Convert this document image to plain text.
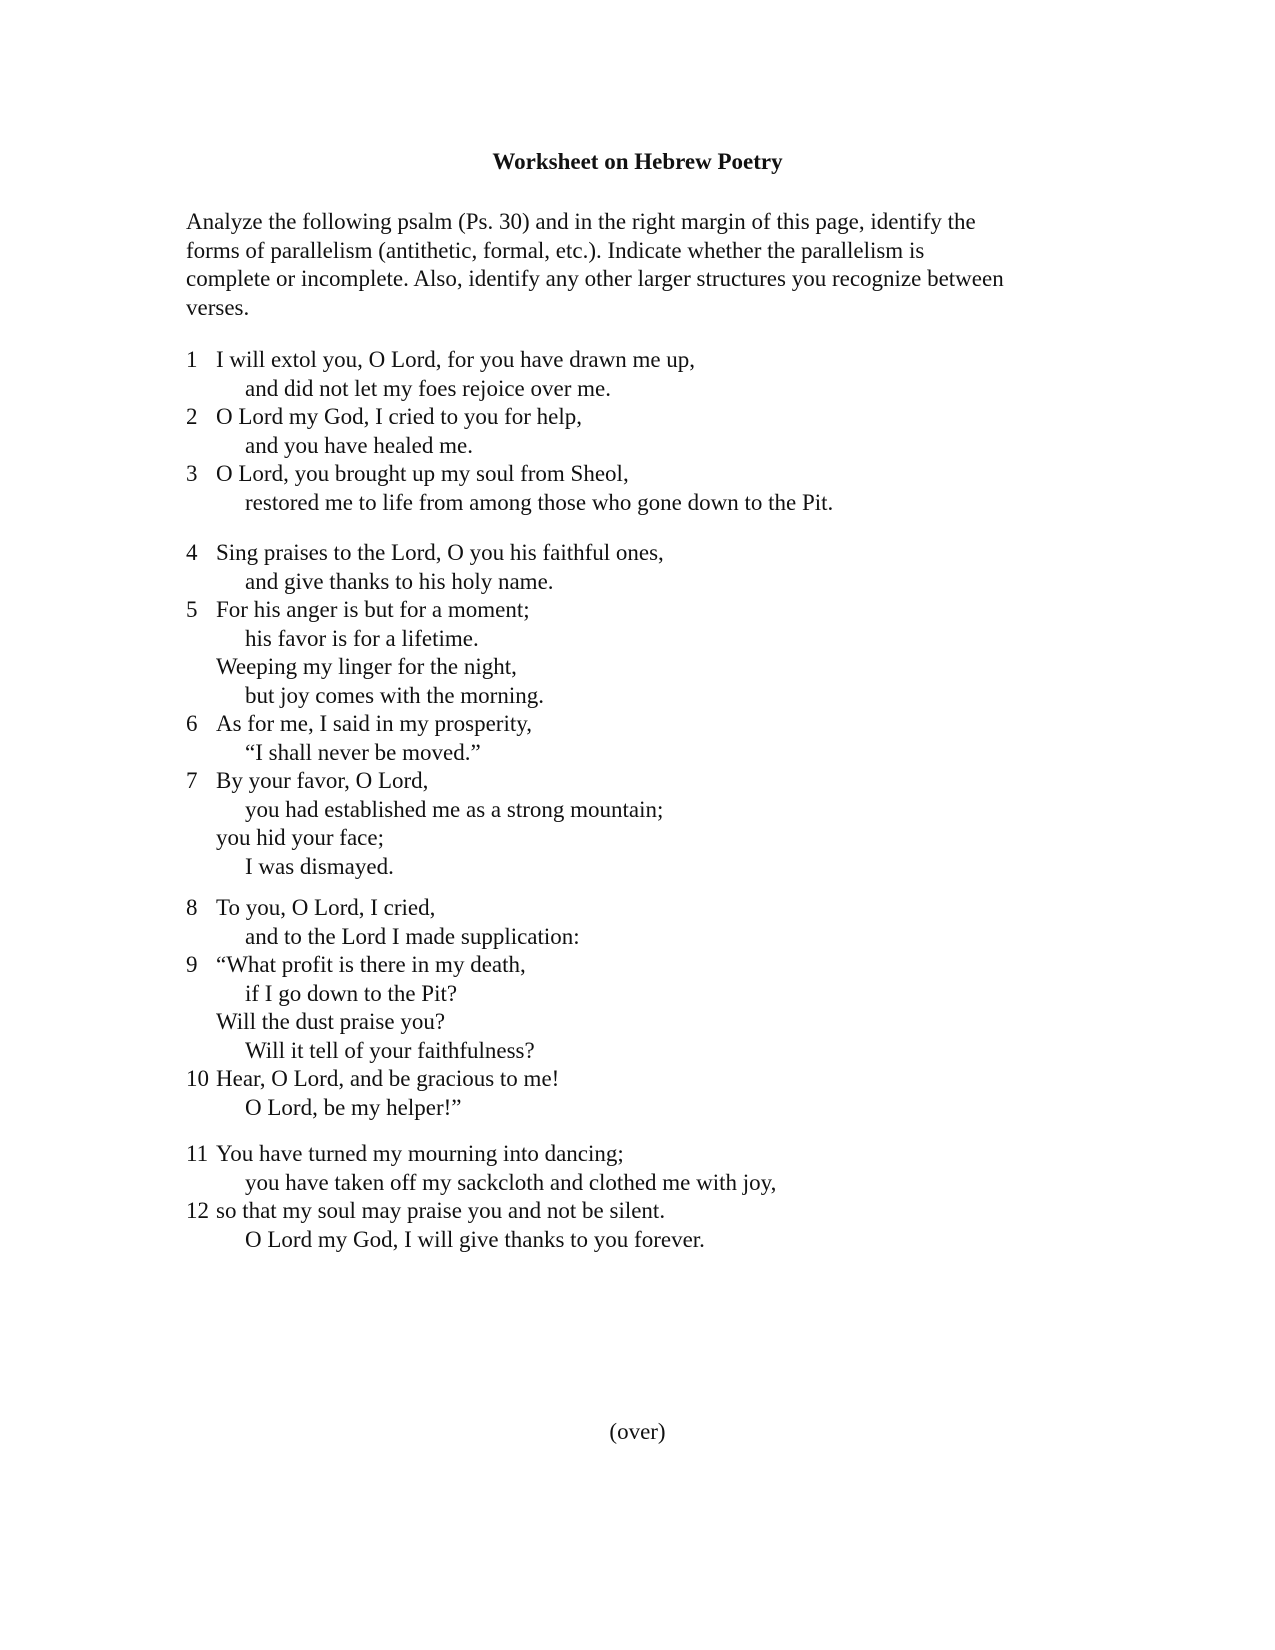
Worksheet on Hebrew Poetry
Analyze the following psalm (Ps. 30) and in the right margin of this page, identify the
forms of parallelism (antithetic, formal, etc.). Indicate whether the parallelism is
complete or incomplete. Also, identify any other larger structures you recognize between
verses.
1 I will extol you, O Lord, for you have drawn me up,
and did not let my foes rejoice over me.
2 O Lord my God, I cried to you for help,
and you have healed me.
3 O Lord, you brought up my soul from Sheol,
restored me to life from among those who gone down to the Pit.
4 Sing praises to the Lord, O you his faithful ones,
and give thanks to his holy name.
5 For his anger is but for a moment;
his favor is for a lifetime.
Weeping my linger for the night,
but joy comes with the morning.
6 As for me, I said in my prosperity,
“I shall never be moved.”
7 By your favor, O Lord,
you had established me as a strong mountain;
you hid your face;
I was dismayed.
8 To you, O Lord, I cried,
and to the Lord I made supplication:
9 “What profit is there in my death,
if I go down to the Pit?
Will the dust praise you?
Will it tell of your faithfulness?
10 Hear, O Lord, and be gracious to me!
O Lord, be my helper!”
11 You have turned my mourning into dancing;
you have taken off my sackcloth and clothed me with joy,
12 so that my soul may praise you and not be silent.
O Lord my God, I will give thanks to you forever.
(over)
